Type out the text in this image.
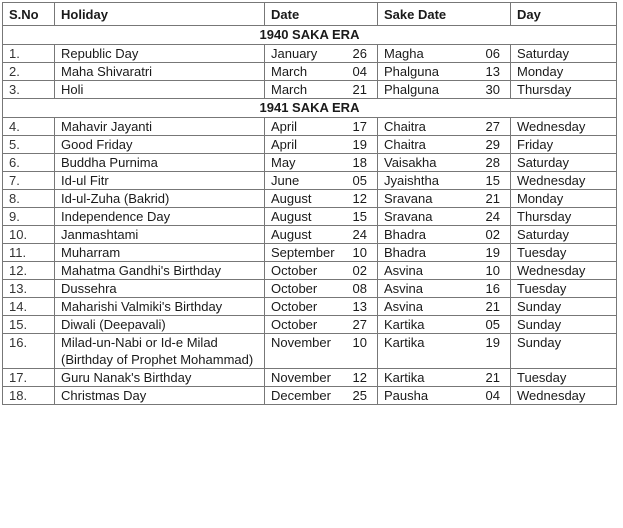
S.No	Holiday	Date	Sake Date	Day
1940 SAKA ERA				
1.	Republic Day	January 26	Magha 06	Saturday
2.	Maha Shivaratri	March 04	Phalguna 13	Monday
3.	Holi	March 21	Phalguna 30	Thursday
1941 SAKA ERA				
4.	Mahavir Jayanti	April 17	Chaitra 27	Wednesday
5.	Good Friday	April 19	Chaitra 29	Friday
6.	Buddha Purnima	May 18	Vaisakha 28	Saturday
7.	Id-ul Fitr	June 05	Jyaishtha 15	Wednesday
8.	Id-ul-Zuha (Bakrid)	August 12	Sravana 21	Monday
9.	Independence Day	August 15	Sravana 24	Thursday
10.	Janmashtami	August 24	Bhadra 02	Saturday
11.	Muharram	September 10	Bhadra 19	Tuesday
12.	Mahatma Gandhi's Birthday	October 02	Asvina 10	Wednesday
13.	Dussehra	October 08	Asvina 16	Tuesday
14.	Maharishi Valmiki's Birthday	October 13	Asvina 21	Sunday
15.	Diwali (Deepavali)	October 27	Kartika 05	Sunday
16.	Milad-un-Nabi or Id-e Milad (Birthday of Prophet Mohammad)	November 10	Kartika 19	Sunday
17.	Guru Nanak's Birthday	November 12	Kartika 21	Tuesday
18.	Christmas Day	December 25	Pausha 04	Wednesday
